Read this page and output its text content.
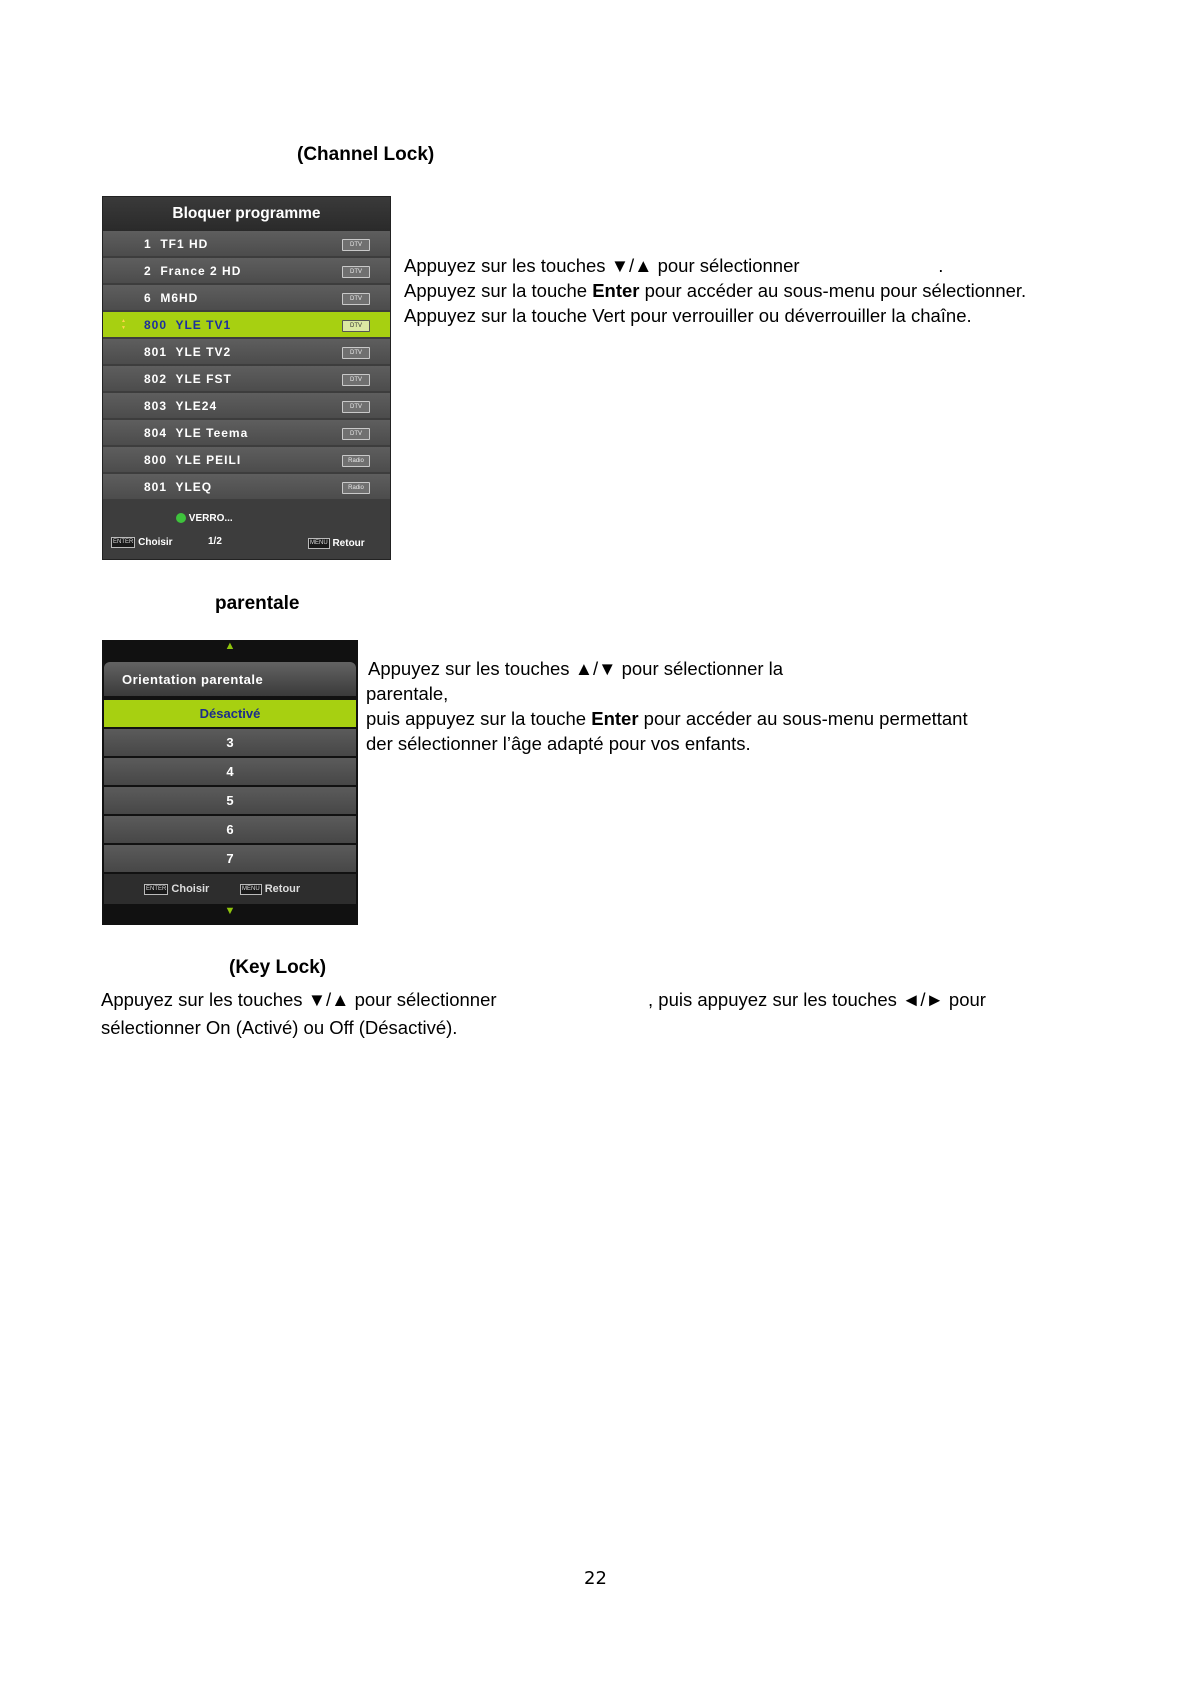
(Channel Lock)
Bloquer programme
1  TF1 HD	DTV
2  France 2 HD	DTV
6  M6HD	DTV
▲
▼ 800  YLE TV1	DTV
801  YLE TV2	DTV
802  YLE FST	DTV
803  YLE24	DTV
804  YLE Teema	DTV
800  YLE PEILI	Radio
801  YLEQ	Radio
VERRO...
ENTER Choisir	1/2	MENU Retour

Appuyez sur les touches ▼/▲ pour sélectionner                           .

Appuyez sur la touche Enter pour accéder au sous-menu pour sélectionner.

Appuyez sur la touche Vert pour verrouiller ou déverrouiller la chaîne.

parentale
▲
Orientation parentale
Désactivé
3
4
5
6
7
ENTER Choisir	MENU Retour
▼

Appuyez sur les touches ▲/▼ pour sélectionner la

parentale,

puis appuyez sur la touche Enter pour accéder au sous-menu permettant

der sélectionner l’âge adapté pour vos enfants.

(Key Lock)

Appuyez sur les touches ▼/▲ pour sélectionner	, puis appuyez sur les touches ◄/► pour

sélectionner On (Activé) ou Off (Désactivé).

22
